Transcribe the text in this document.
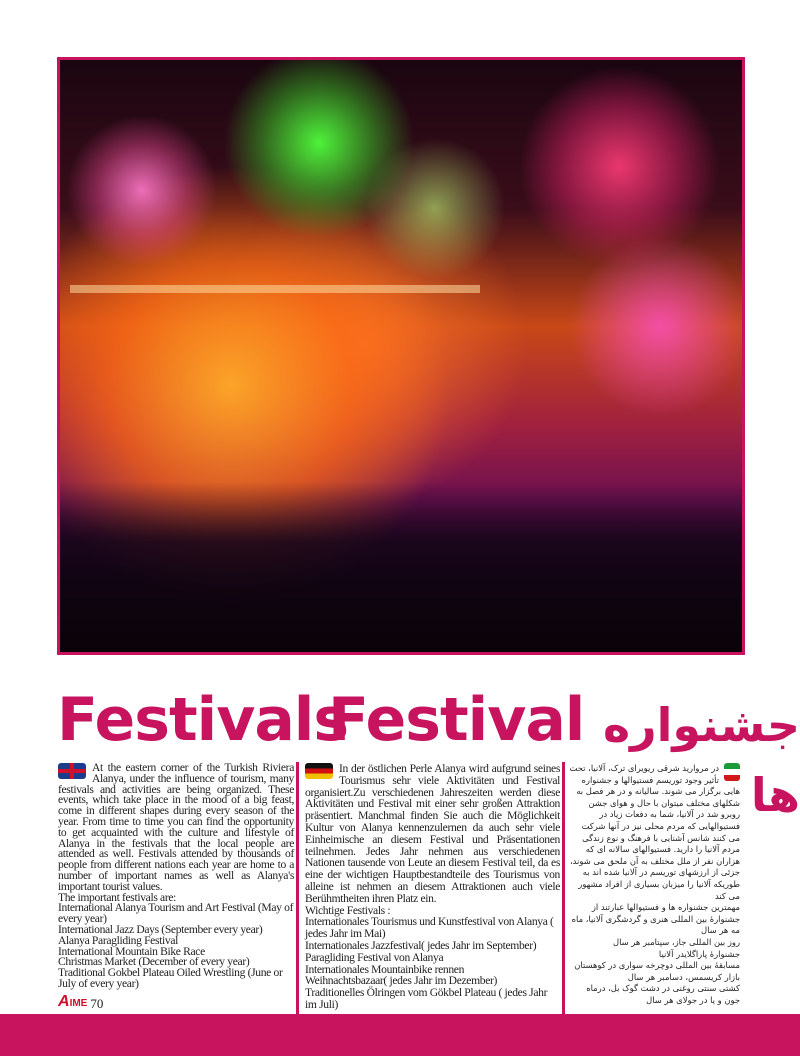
Festivals
Festival جشنواره ها
At the eastern corner of the Turkish Riviera Alanya, under the influence of tourism, many festivals and activities are being organized. These events, which take place in the mood of a big feast, come in different shapes during every season of the year. From time to time you can find the opportunity to get acquainted with the culture and lifestyle of Alanya in the festivals that the local people are attended as well. Festivals attended by thousands of people from different nations each year are home to a number of important names as well as Alanya's important tourist values.
The important festivals are:
International Alanya Tourism and Art Festival (May of every year)
International Jazz Days (September every year)
Alanya Paragliding Festival
International Mountain Bike Race
Christmas Market (December of every year)
Traditional Gokbel Plateau Oiled Wrestling (June or July of every year)
AIME 70
In der östlichen Perle Alanya wird aufgrund seines Tourismus sehr viele Aktivitäten und Festival organisiert.Zu verschiedenen Jahreszeiten werden diese Aktivitäten und Festival mit einer sehr großen Attraktion präsentiert. Manchmal finden Sie auch die Möglichkeit Kultur von Alanya kennenzulernen da auch sehr viele Einheimische an diesem Festival und Präsentationen teilnehmen. Jedes Jahr nehmen aus verschiedenen Nationen tausende von Leute an diesem Festival teil, da es eine der wichtigen Hauptbestandteile des Tourismus von alleine ist nehmen an diesem Attraktionen auch viele Berühmtheiten ihren Platz ein.
Wichtige Festivals :
Internationales Tourismus und Kunstfestival von Alanya ( jedes Jahr im Mai)
Internationales Jazzfestival( jedes Jahr im September)
Paragliding Festival von Alanya
Internationales Mountainbike rennen
Weihnachtsbazaar( jedes Jahr im Dezember)
Traditionelles Ölringen vom Gökbel Plateau ( jedes Jahr im Juli)
در مروارید شرقی ریویرای ترک، آلانیا، تحت تأثیر وجود توریسم فستیوالها و جشنواره هایی برگزار می شوند. سالیانه و در هر فصل به شکلهای مختلف میتوان با حال و هوای جشن روبرو شد در آلانیا، شما به دفعات زیاد در فستیوالهایی که مردم محلی نیز در آنها شرکت می کنند شانس آشنایی با فرهنگ و نوع زندگی مردم آلانیا را دارید. فستیوالهای سالانه ای که هزاران نفر از ملل مختلف به آن ملحق می شوند، جزئی از ارزشهای توریسم در آلانیا شده اند به طوریکه آلانیا را میزبان بسیاری از افراد مشهور می کند
مهمترین جشنواره ها و فستیوالها عبارتند از
جشنوارهٔ بین المللی هنری و گردشگری آلانیا، ماه مه هر سال
روز بین المللی جاز، سپتامبر هر سال
جشنوارهٔ پاراگلایدر آلانیا
مسابقهٔ بین المللی دوچرخه سواری در کوهستان
بازار کریسمس، دسامبر هر سال
کشتی سنتی روغنی در دشت گوک بل، درماه جون و یا در جولای هر سال
